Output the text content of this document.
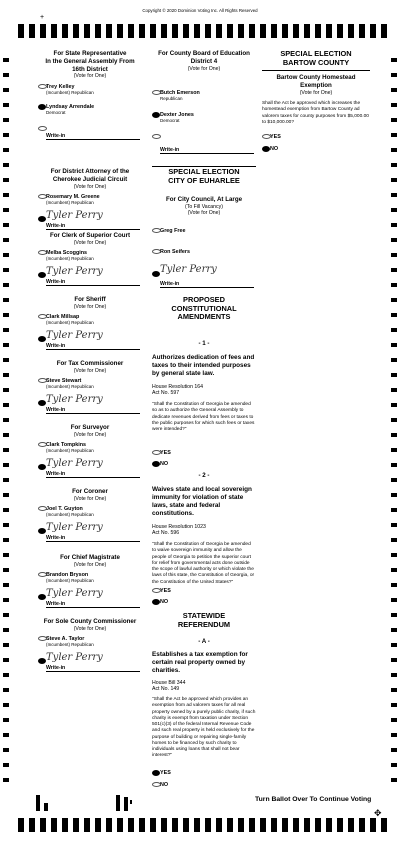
Copyright © 2020 Dominion Voting Inc. All Rights Reserved
+
For State Representative
In the General Assembly From
16th District
(Vote for One)
Trey Kelley
(Incumbent) Republican
Lyndsay Arrendale
Democrat
Write-in
For District Attorney of the
Cherokee Judicial Circuit
(Vote for One)
Rosemary M. Greene
(Incumbent) Republican
Tyler Perry
Write-in
For Clerk of Superior Court
(Vote for One)
Melba Scoggins
(Incumbent) Republican
Tyler Perry
Write-in
For Sheriff
(Vote for One)
Clark Millsap
(Incumbent) Republican
Tyler Perry
Write-in
For Tax Commissioner
(Vote for One)
Steve Stewart
(Incumbent) Republican
Tyler Perry
Write-in
For Surveyor
(Vote for One)
Clark Tompkins
(Incumbent) Republican
Tyler Perry
Write-in
For Coroner
(Vote for One)
Joel T. Guyton
(Incumbent) Republican
Tyler Perry
Write-in
For Chief Magistrate
(Vote for One)
Brandon Bryson
(Incumbent) Republican
Tyler Perry
Write-in
For Sole County Commissioner
(Vote for One)
Steve A. Taylor
(Incumbent) Republican
Tyler Perry
Write-in
For County Board of Education
District 4
(Vote for One)
Butch Emerson
Republican
Dexter Jones
Democrat
Write-in
SPECIAL ELECTION
CITY OF EUHARLEE
For City Council, At Large
(To Fill Vacancy)
(Vote for One)
Greg Free
Ron Seifers
Tyler Perry
Write-in
PROPOSED
CONSTITUTIONAL
AMENDMENTS
- 1 -
Authorizes dedication of fees and taxes to their intended purposes by general state law.
House Resolution 164
Act No. 597
"Shall the Constitution of Georgia be amended so as to authorize the General Assembly to dedicate revenues derived from fees or taxes to the public purposes for which such fees or taxes were intended?"
YES
NO
- 2 -
Waives state and local sovereign immunity for violation of state laws, state and federal constitutions.
House Resolution 1023
Act No. 596
"Shall the Constitution of Georgia be amended to waive sovereign immunity and allow the people of Georgia to petition the superior court for relief from governmental acts done outside the scope of lawful authority or which violate the laws of this state, the Constitution of Georgia, or the Constitution of the United States?"
YES
NO
STATEWIDE
REFERENDUM
- A -
Establishes a tax exemption for certain real property owned by charities.
House Bill 344
Act No. 149
"Shall the Act be approved which provides an exemption from ad valorem taxes for all real property owned by a purely public charity, if such charity is exempt from taxation under Section 501(c)(3) of the federal Internal Revenue Code and such real property is held exclusively for the purpose of building or repairing single-family homes to be financed by such charity to individuals using loans that shall not bear interest?"
YES
NO
SPECIAL ELECTION
BARTOW COUNTY
Bartow County Homestead Exemption
(Vote for One)
Shall the Act be approved which increases the homestead exemption from Bartow County ad valorem taxes for county purposes from $5,000.00 to $10,000.00?
YES
NO
Turn Ballot Over To Continue Voting
✥
